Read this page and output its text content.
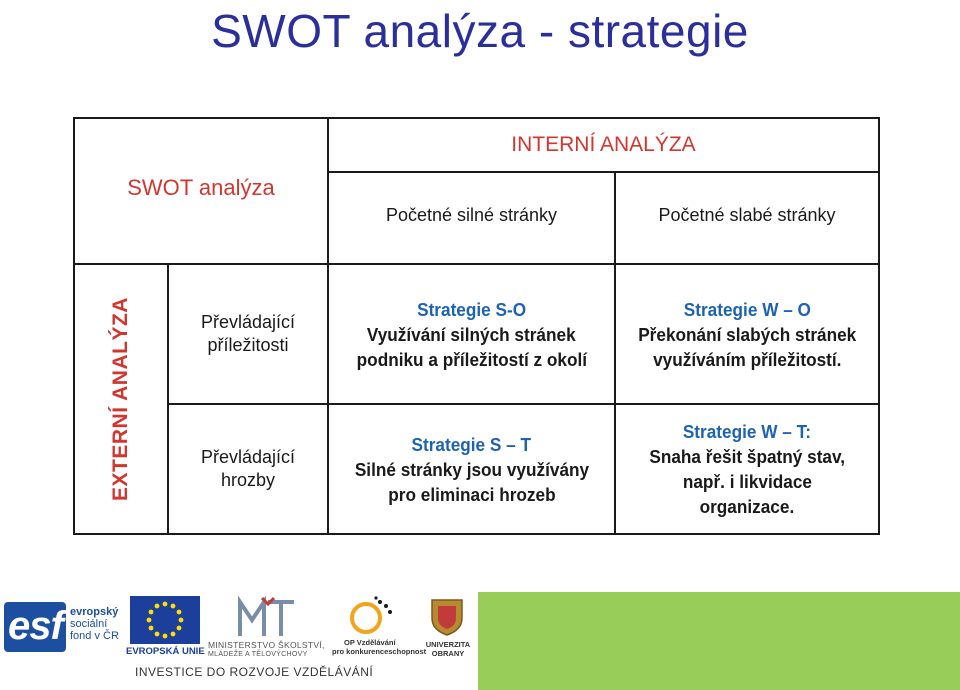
SWOT analýza - strategie
SWOT analýza
INTERNÍ ANALÝZA
Početné silné stránky	Početné slabé stránky
EXTERNÍ ANALÝZA	Převládající
příležitosti
Převládající
hrozby
Strategie S-O
Využívání silných stránek
podniku a příležitostí z okolí
Strategie W – O
Překonání slabých stránek
využíváním příležitostí.
Strategie S – T
Silné stránky jsou využívány
pro eliminaci hrozeb
Strategie W – T:
Snaha řešit špatný stav,
např. i likvidace
organizace.
esf evropský
sociální
fond v ČR
EVROPSKÁ UNIE
MINISTERSTVO ŠKOLSTVÍ,
MLÁDEŽE A TĚLOVÝCHOVY
OP Vzdělávání
pro konkurenceschopnost
UNIVERZITA
OBRANY
INVESTICE DO ROZVOJE VZDĚLÁVÁNÍ
